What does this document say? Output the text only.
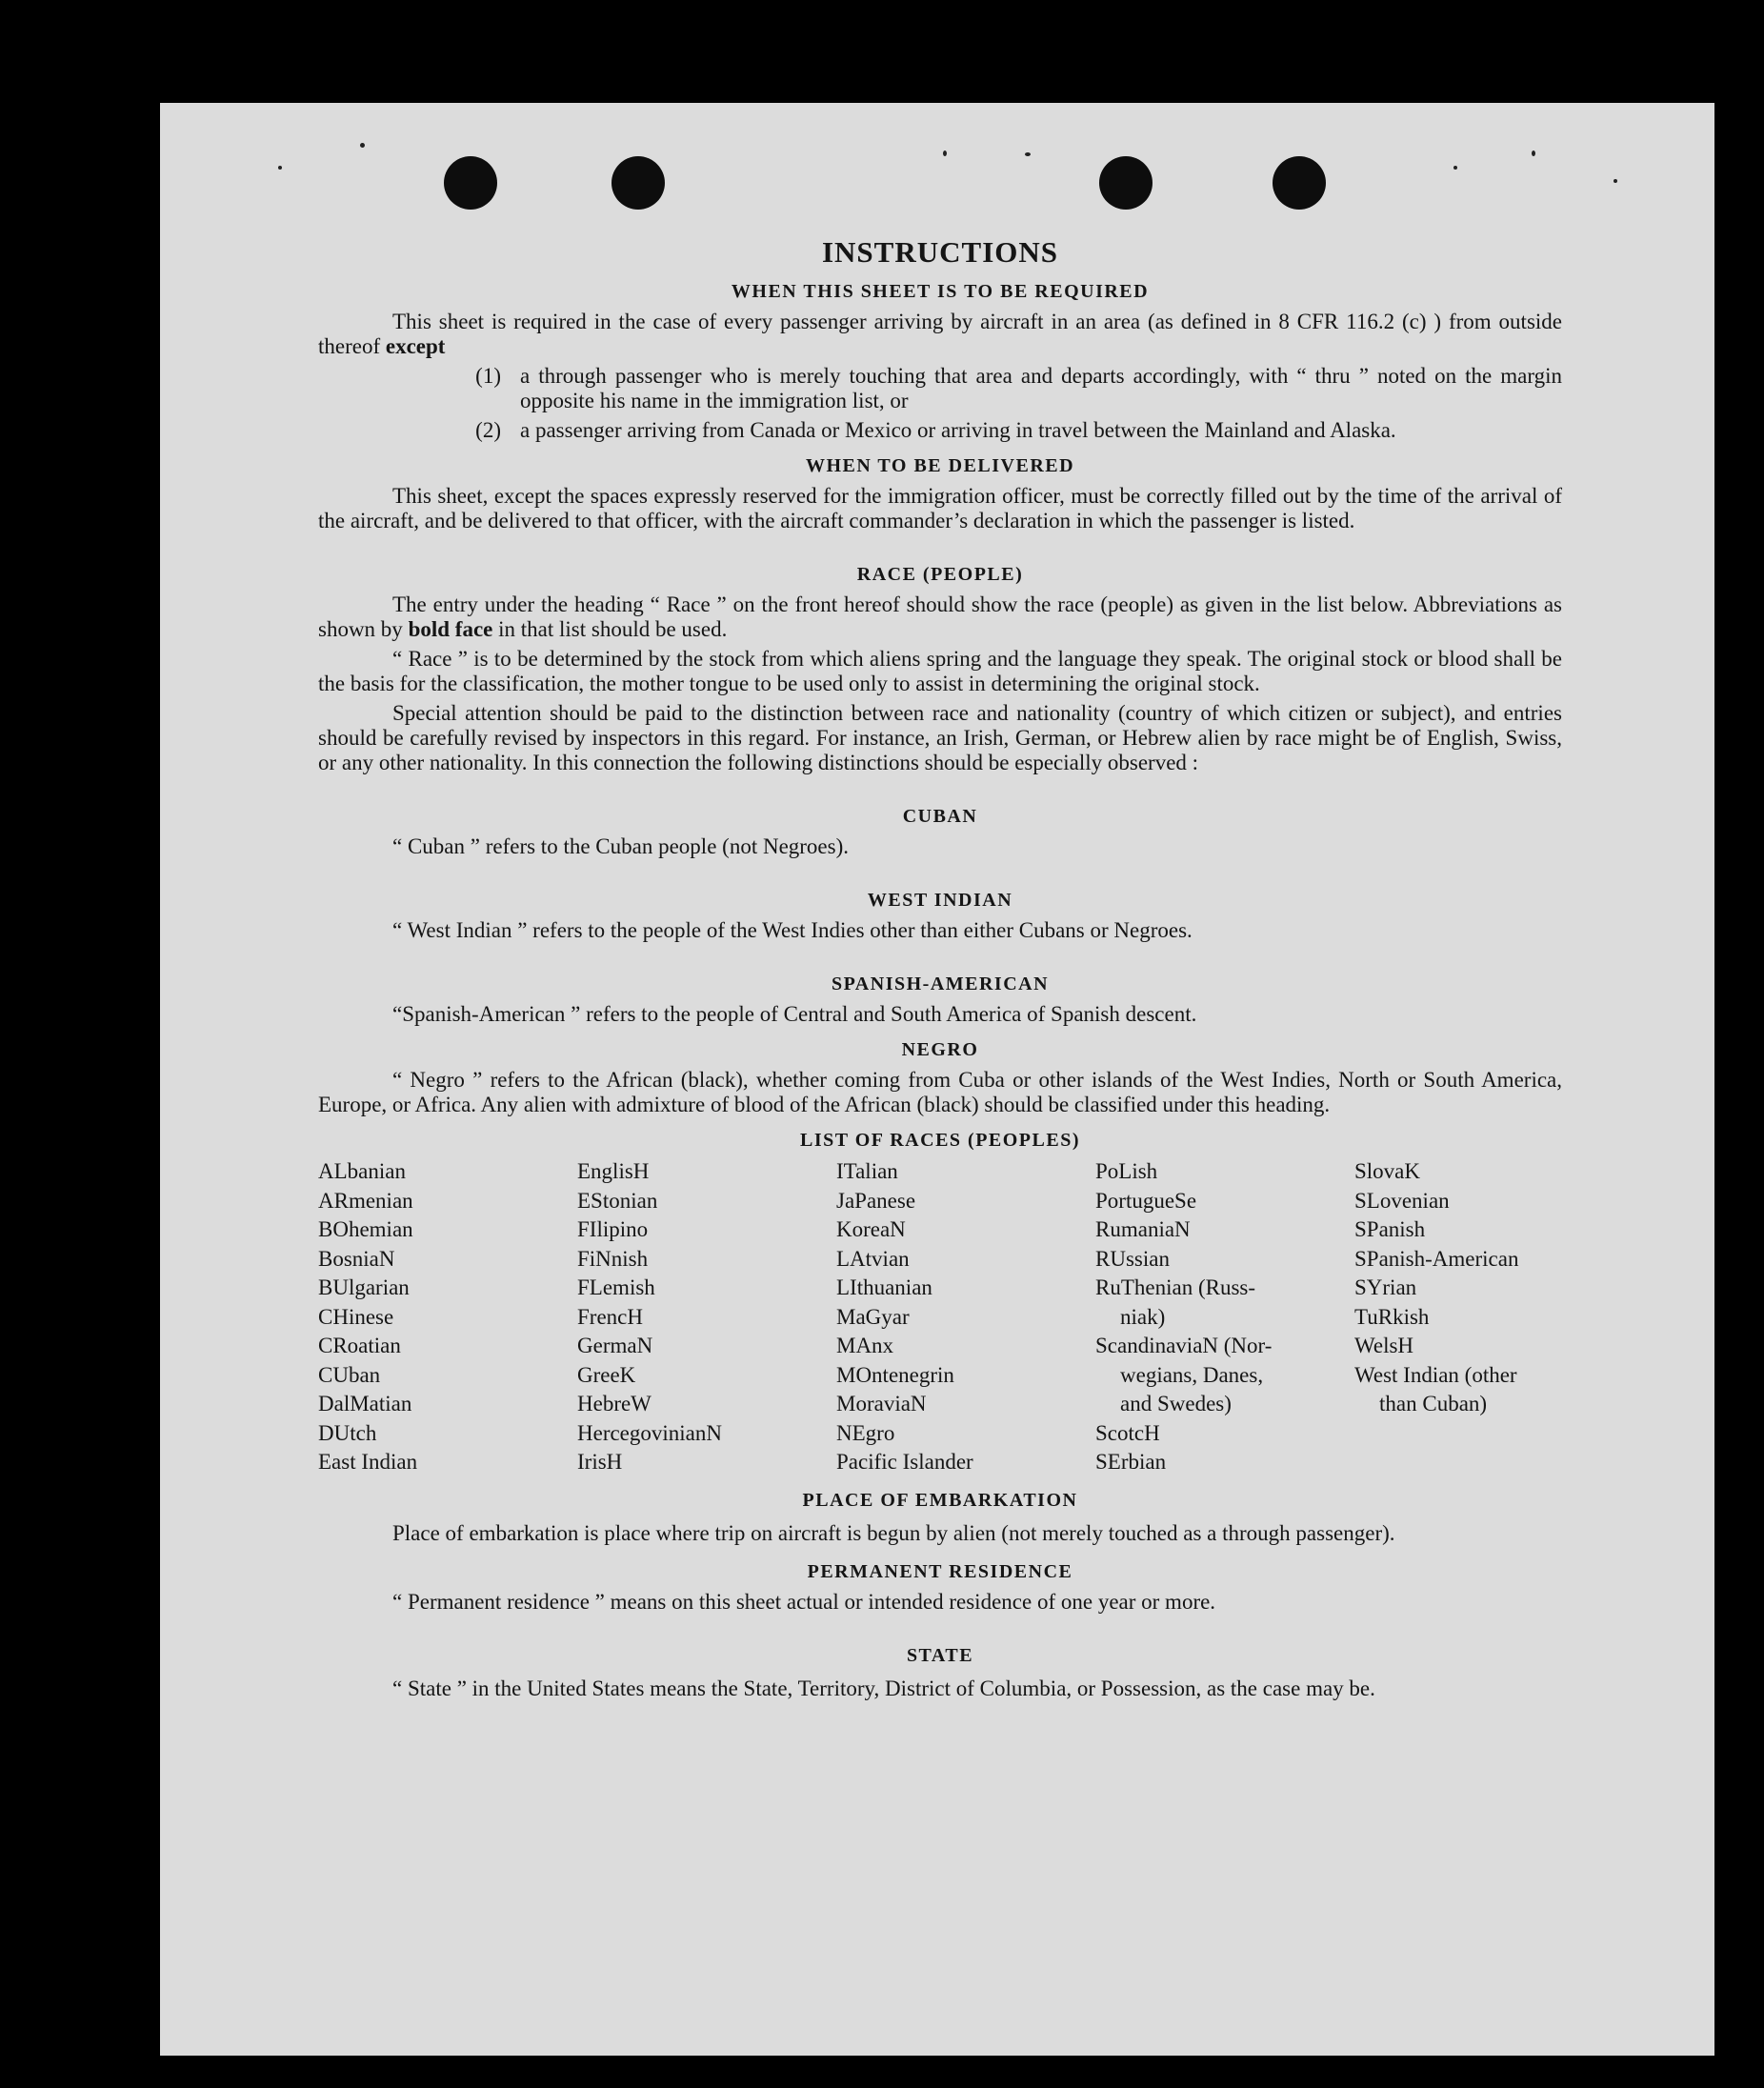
INSTRUCTIONS
WHEN THIS SHEET IS TO BE REQUIRED

This sheet is required in the case of every passenger arriving by aircraft in an area (as defined in 8 CFR 116.2 (c) ) from outside thereof except

(1) a through passenger who is merely touching that area and departs accordingly, with “ thru ” noted on the margin opposite his name in the immigration list, or
(2) a passenger arriving from Canada or Mexico or arriving in travel between the Mainland and Alaska.
WHEN TO BE DELIVERED

This sheet, except the spaces expressly reserved for the immigration officer, must be correctly filled out by the time of the arrival of the aircraft, and be delivered to that officer, with the aircraft commander’s declaration in which the passenger is listed.

RACE (PEOPLE)

The entry under the heading “ Race ” on the front hereof should show the race (people) as given in the list below. Abbreviations as shown by bold face in that list should be used.

“ Race ” is to be determined by the stock from which aliens spring and the language they speak. The original stock or blood shall be the basis for the classification, the mother tongue to be used only to assist in determining the original stock.

Special attention should be paid to the distinction between race and nationality (country of which citizen or subject), and entries should be carefully revised by inspectors in this regard. For instance, an Irish, German, or Hebrew alien by race might be of English, Swiss, or any other nationality. In this connection the following distinctions should be especially observed :

CUBAN

“ Cuban ” refers to the Cuban people (not Negroes).

WEST INDIAN

“ West Indian ” refers to the people of the West Indies other than either Cubans or Negroes.

SPANISH-AMERICAN

“Spanish-American ” refers to the people of Central and South America of Spanish descent.

NEGRO

“ Negro ” refers to the African (black), whether coming from Cuba or other islands of the West Indies, North or South America, Europe, or Africa. Any alien with admixture of blood of the African (black) should be classified under this heading.

LIST OF RACES (PEOPLES)
ALbanian
ARmenian
BOhemian
BosniaN
BUlgarian
CHinese
CRoatian
CUban
DalMatian
DUtch
East Indian
EnglisH
EStonian
FIlipino
FiNnish
FLemish
FrencH
GermaN
GreeK
HebreW
HercegovinianN
IrisH
ITalian
JaPanese
KoreaN
LAtvian
LIthuanian
MaGyar
MAnx
MOntenegrin
MoraviaN
NEgro
Pacific Islander
PoLish
PortugueSe
RumaniaN
RUssian
RuThenian (Russ-
niak)
ScandinaviaN (Nor-
wegians, Danes,
and Swedes)
ScotcH
SErbian
SlovaK
SLovenian
SPanish
SPanish-American
SYrian
TuRkish
WelsH
West Indian (other
than Cuban)
PLACE OF EMBARKATION

Place of embarkation is place where trip on aircraft is begun by alien (not merely touched as a through passenger).

PERMANENT RESIDENCE

“ Permanent residence ” means on this sheet actual or intended residence of one year or more.

STATE

“ State ” in the United States means the State, Territory, District of Columbia, or Possession, as the case may be.
